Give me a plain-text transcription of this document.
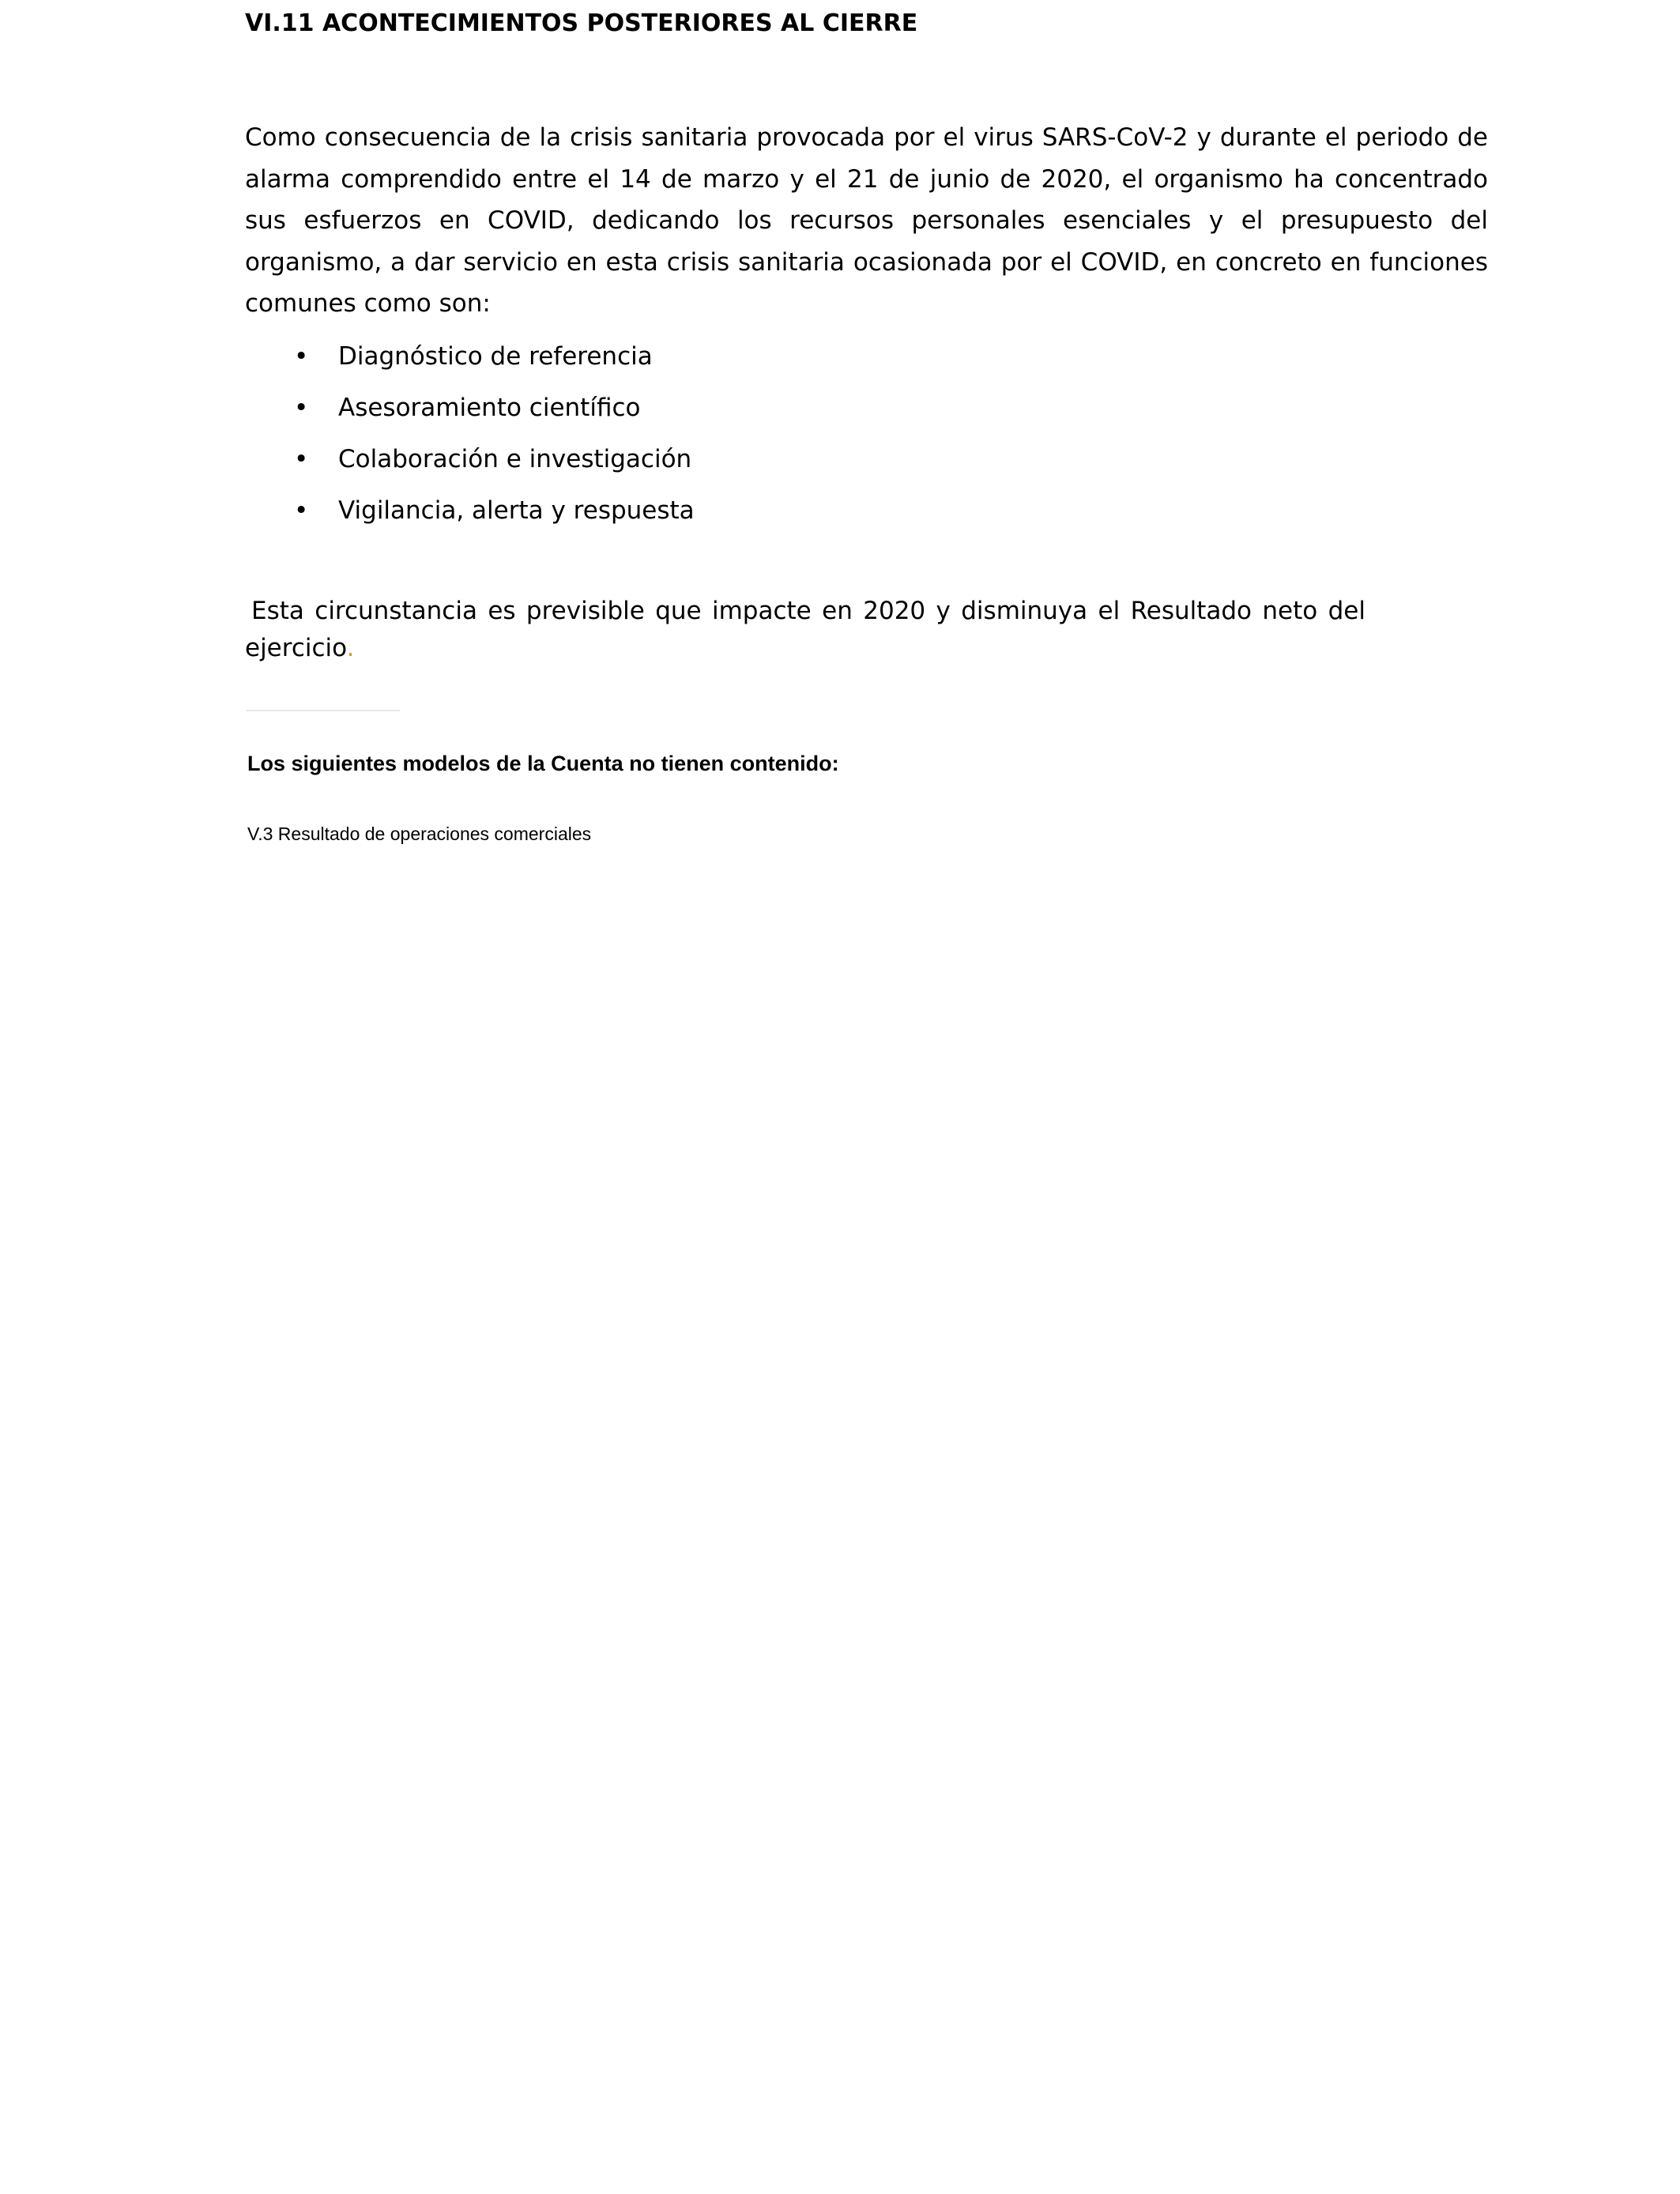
VI.11 ACONTECIMIENTOS POSTERIORES AL CIERRE

Como consecuencia de la crisis sanitaria provocada por el virus SARS-CoV-2 y durante el periodo de alarma comprendido entre el 14 de marzo y el 21 de junio de 2020, el organismo ha concentrado sus esfuerzos en COVID, dedicando los recursos personales esenciales y el presupuesto del organismo, a dar servicio en esta crisis sanitaria ocasionada por el COVID, en concreto en funciones comunes como son:

• Diagnóstico de referencia
• Asesoramiento científico
• Colaboración e investigación
• Vigilancia, alerta y respuesta

Esta circunstancia es previsible que impacte en 2020 y disminuya el Resultado neto del ejercicio.

Los siguientes modelos de la Cuenta no tienen contenido:

V.3 Resultado de operaciones comerciales
